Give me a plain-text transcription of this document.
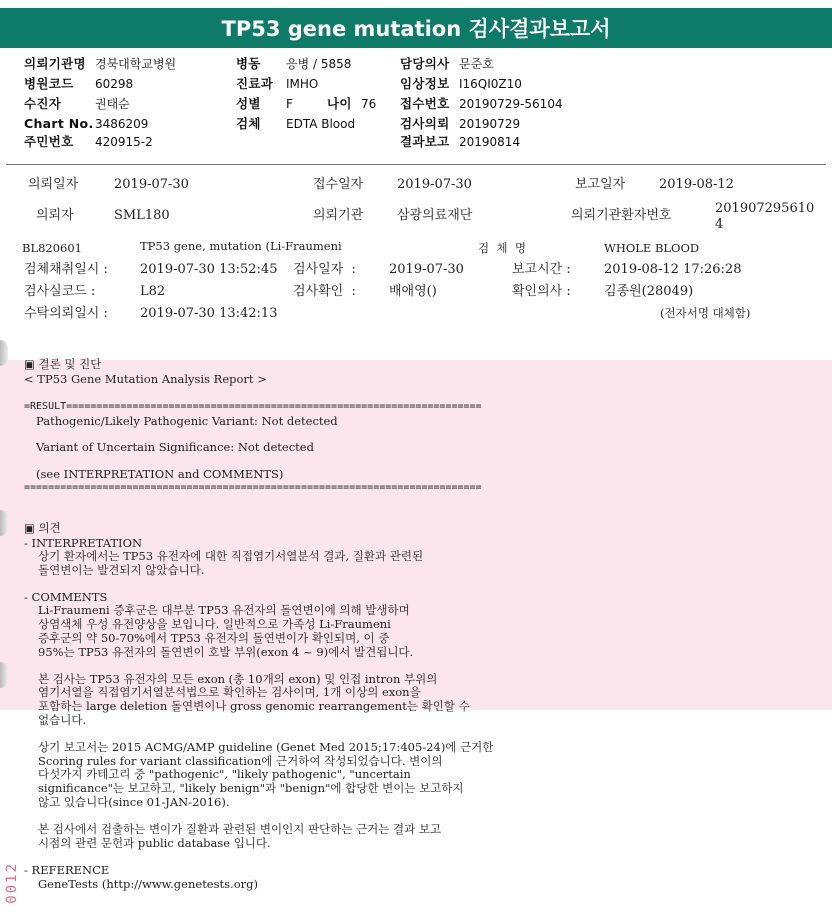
TP53 gene mutation 검사결과보고서
의뢰기관명 경북대학교병원
병원코드 60298
수진자	권태순
Chart No. 3486209
주민번호 420915-2
병동 응병 / 5858
진료과 IMHO
성별 F	나이 76
검체 EDTA Blood
담당의사 문준호
임상정보 I16QI0Z10
접수번호 20190729-56104
검사의뢰 20190729
결과보고 20190814
의뢰일자	2019-07-30	접수일자	2019-07-30	보고일자	2019-08-12
의뢰자	SML180	의뢰기관	삼광의료재단	의뢰기관환자번호	201907295610
4
BL820601	TP53 gene, mutation (Li-Fraumeni	검  체  명	WHOLE BLOOD
검체채취일시 : 2019-07-30 13:52:45 검사일자  :	2019-07-30	보고시간 :	2019-08-12 17:26:28
검사실코드 :	L82	검사확인  :	배애영()	확인의사 :	김종원(28049)
수탁의뢰일시 : 2019-07-30 13:42:13	(전자서명 대체함)
▣ 결론 및 진단
< TP53 Gene Mutation Analysis Report >
=RESULT=====================================================================
Pathogenic/Likely Pathogenic Variant: Not detected
Variant of Uncertain Significance: Not detected
(see INTERPRETATION and COMMENTS)
============================================================================
▣ 의견
- INTERPRETATION
상기 환자에서는 TP53 유전자에 대한 직접염기서열분석 결과, 질환과 관련된
돌연변이는 발견되지 않았습니다.
- COMMENTS
Li-Fraumeni 증후군은 대부분 TP53 유전자의 돌연변이에 의해 발생하며
상염색체 우성 유전양상을 보입니다. 일반적으로 가족성 Li-Fraumeni
증후군의 약 50-70%에서 TP53 유전자의 돌연변이가 확인되며, 이 중
95%는 TP53 유전자의 돌연변이 호발 부위(exon 4 ~ 9)에서 발견됩니다.
본 검사는 TP53 유전자의 모든 exon (총 10개의 exon) 및 인접 intron 부위의
염기서열을 직접염기서열분석법으로 확인하는 검사이며, 1개 이상의 exon을
포함하는 large deletion 돌연변이나 gross genomic rearrangement는 확인할 수
없습니다.
상기 보고서는 2015 ACMG/AMP guideline (Genet Med 2015;17:405-24)에 근거한
Scoring rules for variant classification에 근거하여 작성되었습니다. 변이의
다섯가지 카테고리 중 "pathogenic", "likely pathogenic", "uncertain
significance"는 보고하고, "likely benign"과 "benign"에 합당한 변이는 보고하지
않고 있습니다(since 01-JAN-2016).
본 검사에서 검출하는 변이가 질환과 관련된 변이인지 판단하는 근거는 결과 보고
시점의 관련 문헌과 public database 입니다.
- REFERENCE
GeneTests (http://www.genetests.org)
0012
